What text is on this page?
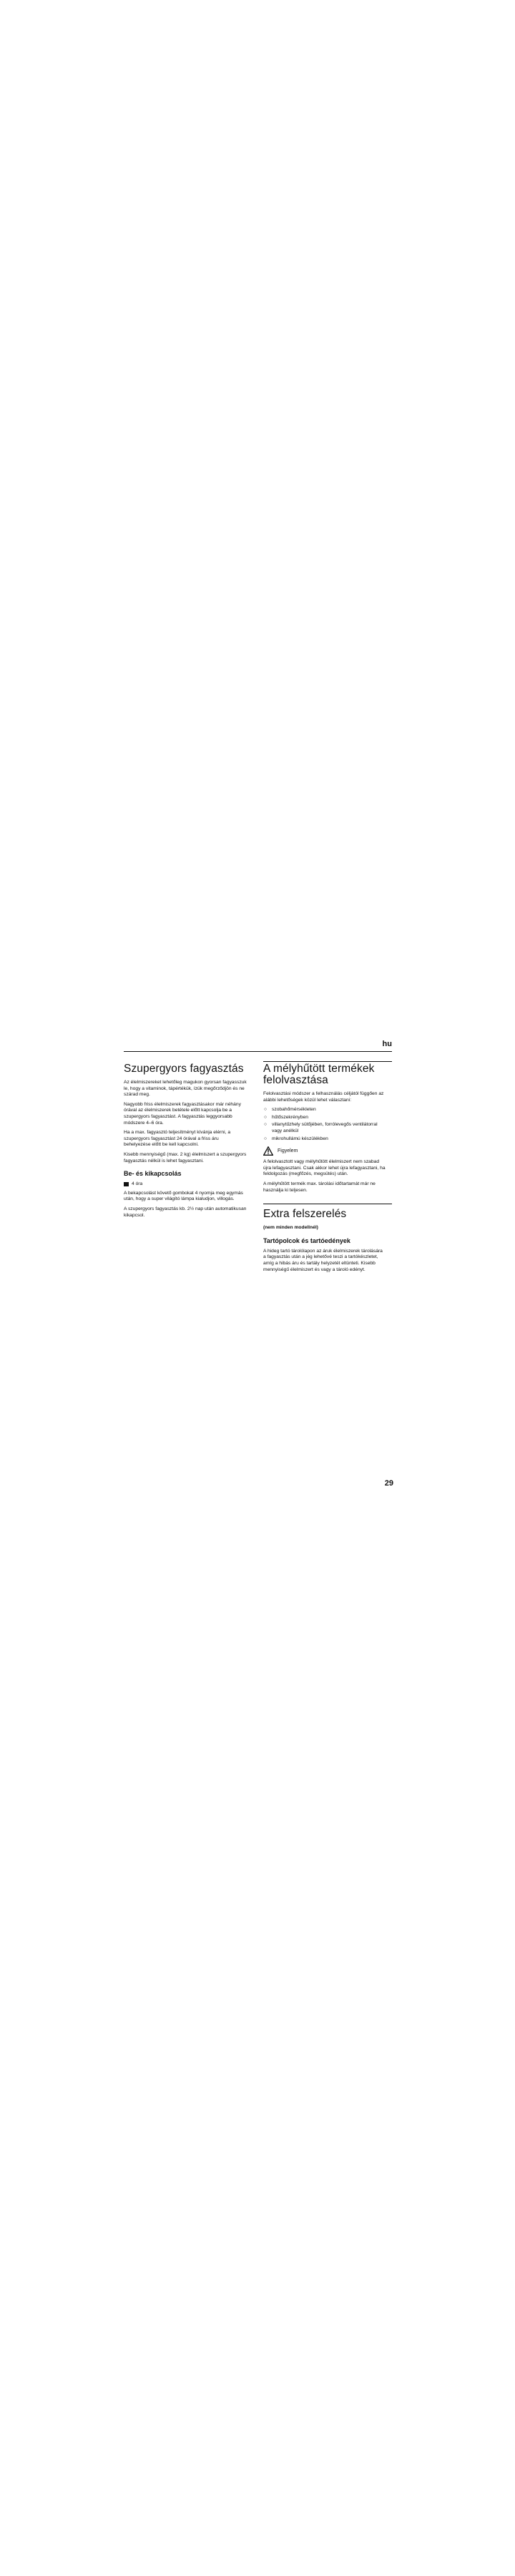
hu
Szupergyors fagyasztás

Az élelmiszereket lehetőleg magukon gyorsan fagyasszuk le, hogy a vitaminok, tápértékük, ízük megőrződjön és ne szárad meg.

Nagyobb friss élelmiszerek fagyasztásakor már néhány órával az élelmiszerek betétele előtt kapcsolja be a szupergyors fagyasztást. A fagyasztás leggyorsabb módszere 4–6 óra.

Ha a max. fagyasztó teljesítményt kívánja elérni, a szupergyors fagyasztást 24 órával a friss áru behelyezése előtt be kell kapcsolni.

Kisebb mennyiségű (max. 2 kg) élelmiszert a szupergyors fagyasztás nélkül is lehet fagyasztani.

Be- és kikapcsolás
4 óra

A bekapcsolást követő gombokat 4 nyomja meg egymás után, hogy a super világító lámpa kialudjon, villogás.

A szupergyors fagyasztás kb. 2½ nap után automatikusan kikapcsol.

A mélyhűtött termékek felolvasztása

Felolvasztási módszer a felhasználás céljától függően az alábbi lehetőségek közül lehet választani:

○ szobahőmérsékleten
○ hűtőszekrényben
○ villanytűzhely sütőjében, forrólevegős ventilátorral vagy anélkül
○ mikrohullámú készülékben
Figyelem

A felolvasztott vagy mélyhűtött élelmiszert nem szabad újra lefagyasztani. Csak akkor lehet újra lefagyasztani, ha feldolgozás (megfőzés, megsütés) után.

A mélyhűtött termék max. tárolási időtartamát már ne használja ki teljesen.

Extra felszerelés

(nem minden modellnél)

Tartópolcok és tartóedények

A hideg tartó tárolólapon az áruk élelmiszerek tárolására a fagyasztás után a jég lehetővé teszi a tartókészletet, amíg a hibás áru és tartály helyzetét eltünteti. Kisebb mennyiségű élelmiszert és vagy a tároló edényt.

29
